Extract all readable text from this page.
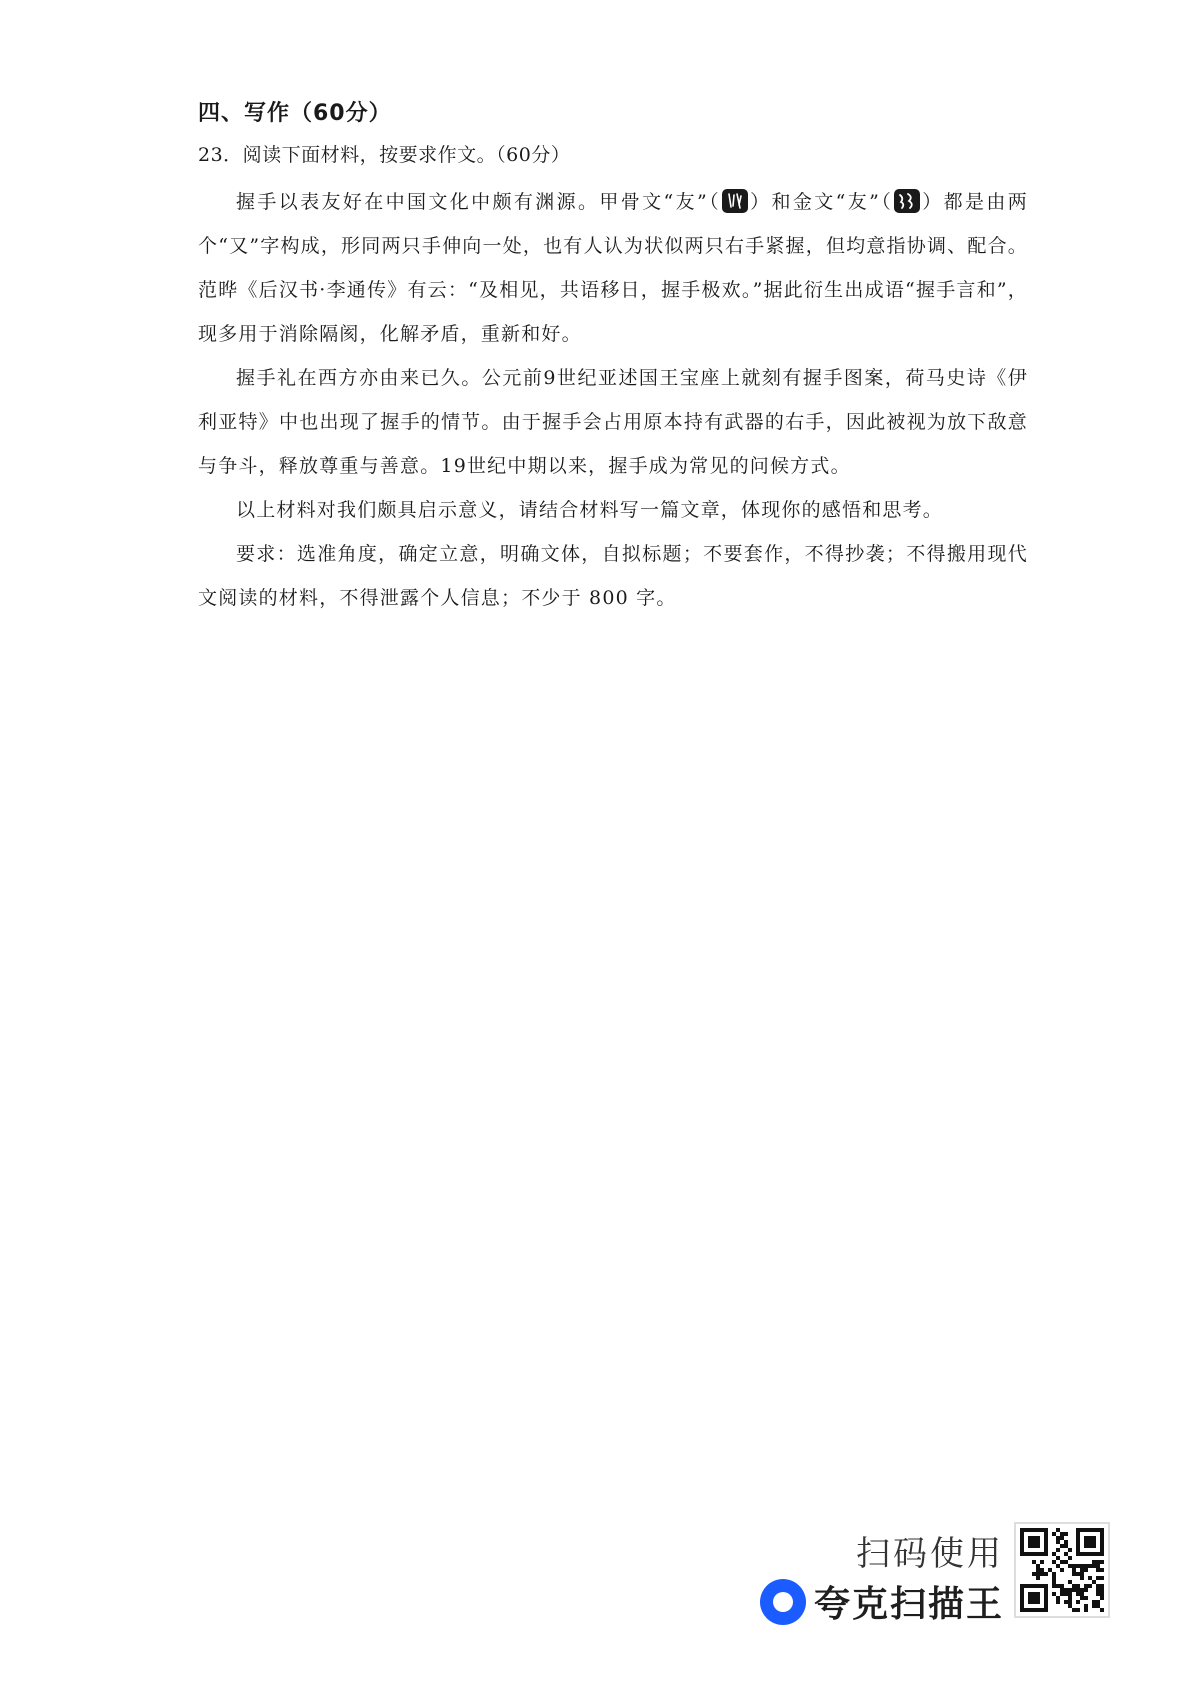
四、写作（60分）
23．阅读下面材料，按要求作文。（60分）

握手以表友好在中国文化中颇有渊源。甲骨文“友”（ ）和金文“友”（ ）都是由两个“又”字构成，形同两只手伸向一处，也有人认为状似两只右手紧握，但均意指协调、配合。范晔《后汉书·李通传》有云：“及相见，共语移日，握手极欢。”据此衍生出成语“握手言和”，现多用于消除隔阂，化解矛盾，重新和好。

握手礼在西方亦由来已久。公元前9世纪亚述国王宝座上就刻有握手图案，荷马史诗《伊利亚特》中也出现了握手的情节。由于握手会占用原本持有武器的右手，因此被视为放下敌意与争斗，释放尊重与善意。19世纪中期以来，握手成为常见的问候方式。

以上材料对我们颇具启示意义，请结合材料写一篇文章，体现你的感悟和思考。

要求：选准角度，确定立意，明确文体，自拟标题；不要套作，不得抄袭；不得搬用现代文阅读的材料，不得泄露个人信息；不少于 800 字。

扫码使用
夸克扫描王
